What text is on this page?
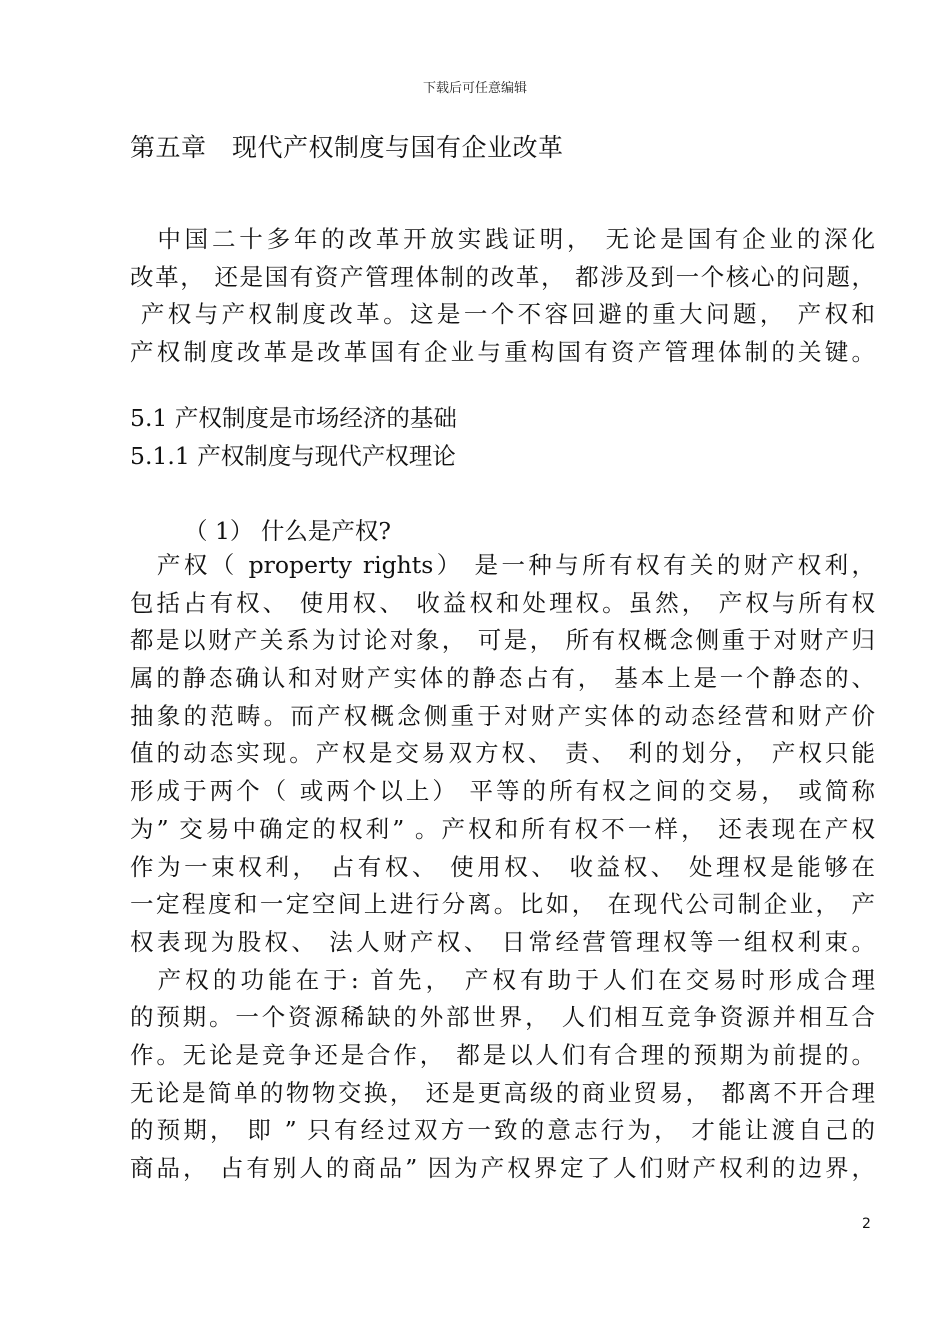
下载后可任意编辑
第五章　现代产权制度与国有企业改革
　中国二十多年的改革开放实践证明， 无论是国有企业的深化
改革， 还是国有资产管理体制的改革， 都涉及到一个核心的问题，
产权与产权制度改革。这是一个不容回避的重大问题， 产权和
产权制度改革是改革国有企业与重构国有资产管理体制的关键。
5.1 产权制度是市场经济的基础
5.1.1 产权制度与现代产权理论
（ 1） 什么是产权?
　产权（ property rights） 是一种与所有权有关的财产权利，
包括占有权、 使用权、 收益权和处理权。虽然， 产权与所有权
都是以财产关系为讨论对象， 可是， 所有权概念侧重于对财产归
属的静态确认和对财产实体的静态占有， 基本上是一个静态的、
抽象的范畴。而产权概念侧重于对财产实体的动态经营和财产价
值的动态实现。产权是交易双方权、 责、 利的划分， 产权只能
形成于两个（ 或两个以上） 平等的所有权之间的交易， 或简称
为” 交易中确定的权利” 。产权和所有权不一样， 还表现在产权
作为一束权利， 占有权、 使用权、 收益权、 处理权是能够在
一定程度和一定空间上进行分离。比如， 在现代公司制企业， 产
权表现为股权、 法人财产权、 日常经营管理权等一组权利束。
　产权的功能在于: 首先， 产权有助于人们在交易时形成合理
的预期。一个资源稀缺的外部世界， 人们相互竞争资源并相互合
作。无论是竞争还是合作， 都是以人们有合理的预期为前提的。
无论是简单的物物交换， 还是更高级的商业贸易， 都离不开合理
的预期， 即 ” 只有经过双方一致的意志行为， 才能让渡自己的
商品， 占有别人的商品” 因为产权界定了人们财产权利的边界，
2
